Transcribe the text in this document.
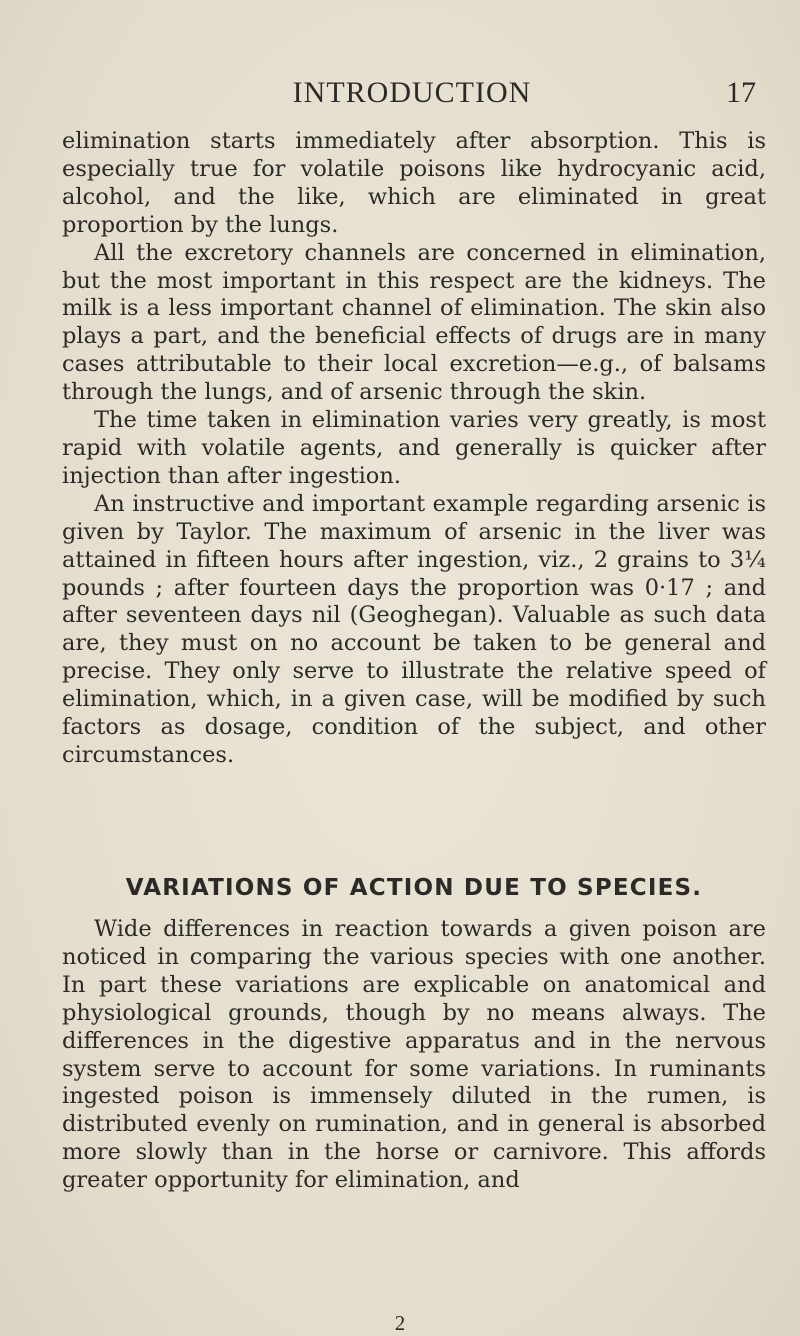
INTRODUCTION	17

elimination starts immediately after absorption. This is especially true for volatile poisons like hydrocyanic acid, alcohol, and the like, which are eliminated in great proportion by the lungs.

All the excretory channels are concerned in elimination, but the most important in this respect are the kidneys. The milk is a less important channel of elimination. The skin also plays a part, and the beneficial effects of drugs are in many cases attributable to their local excretion—e.g., of balsams through the lungs, and of arsenic through the skin.

The time taken in elimination varies very greatly, is most rapid with volatile agents, and generally is quicker after injection than after ingestion.

An instructive and important example regarding arsenic is given by Taylor. The maximum of arsenic in the liver was attained in fifteen hours after ingestion, viz., 2 grains to 3¼ pounds ; after fourteen days the proportion was 0·17 ; and after seventeen days nil (Geoghegan). Valuable as such data are, they must on no account be taken to be general and precise. They only serve to illustrate the relative speed of elimination, which, in a given case, will be modified by such factors as dosage, condition of the subject, and other circumstances.

VARIATIONS OF ACTION DUE TO SPECIES.

Wide differences in reaction towards a given poison are noticed in comparing the various species with one another. In part these variations are explicable on anatomical and physiological grounds, though by no means always. The differences in the digestive apparatus and in the nervous system serve to account for some variations. In ruminants ingested poison is immensely diluted in the rumen, is distributed evenly on rumination, and in general is absorbed more slowly than in the horse or carnivore. This affords greater opportunity for elimination, and

2
